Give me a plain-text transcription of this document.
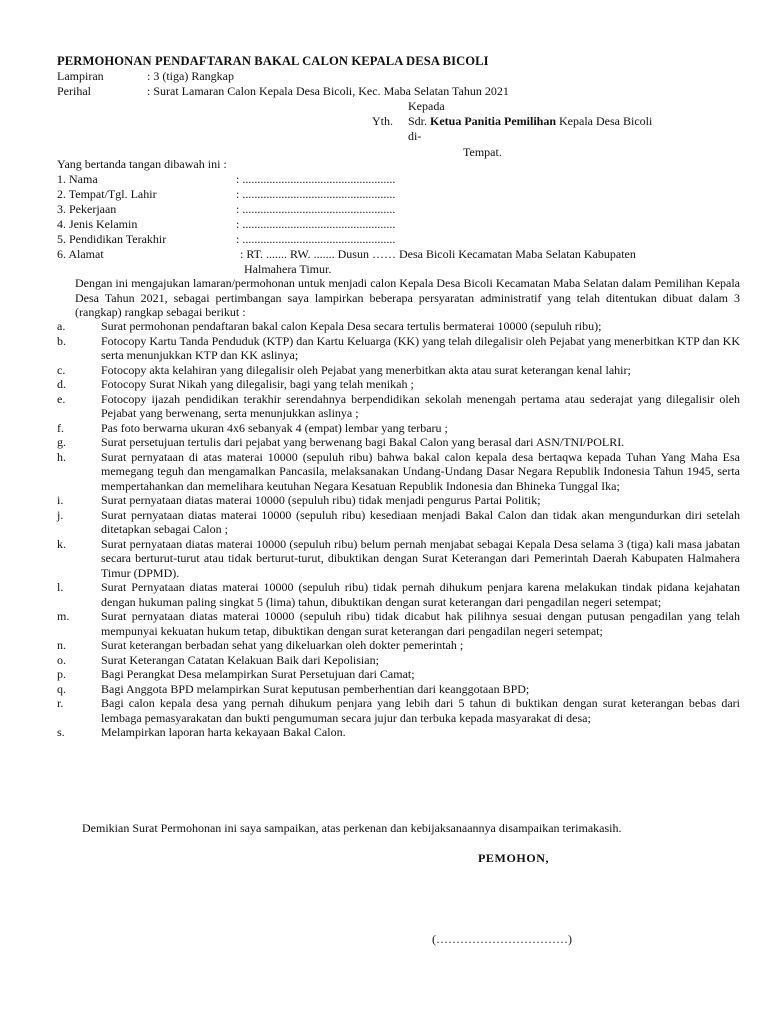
PERMOHONAN PENDAFTARAN BAKAL CALON KEPALA DESA BICOLI
Lampiran	: 3 (tiga) Rangkap
Perihal	: Surat Lamaran Calon Kepala Desa Bicoli, Kec. Maba Selatan Tahun 2021
Kepada
Yth. Sdr. Ketua Panitia Pemilihan Kepala Desa Bicoli
di-
Tempat.
Yang bertanda tangan dibawah ini :
1. Nama	: ...................................................
2. Tempat/Tgl. Lahir	: ...................................................
3. Pekerjaan	: ...................................................
4. Jenis Kelamin	: ...................................................
5. Pendidikan Terakhir	: ...................................................
6. Alamat	: RT. ....... RW. ....... Dusun …… Desa Bicoli Kecamatan Maba Selatan Kabupaten
Halmahera Timur.
Dengan ini mengajukan lamaran/permohonan untuk menjadi calon Kepala Desa Bicoli Kecamatan Maba Selatan dalam Pemilihan Kepala Desa Tahun 2021, sebagai pertimbangan saya lampirkan beberapa persyaratan administratif yang telah ditentukan dibuat dalam 3 (rangkap) rangkap sebagai berikut :
a.	Surat permohonan pendaftaran bakal calon Kepala Desa secara tertulis bermaterai 10000 (sepuluh ribu);
b.	Fotocopy Kartu Tanda Penduduk (KTP) dan Kartu Keluarga (KK) yang telah dilegalisir oleh Pejabat yang menerbitkan KTP dan KK serta menunjukkan KTP dan KK aslinya;
c.	Fotocopy akta kelahiran yang dilegalisir oleh Pejabat yang menerbitkan akta atau surat keterangan kenal lahir;
d.	Fotocopy Surat Nikah yang dilegalisir, bagi yang telah menikah ;
e.	Fotocopy ijazah pendidikan terakhir serendahnya berpendidikan sekolah menengah pertama atau sederajat yang dilegalisir oleh Pejabat yang berwenang, serta menunjukkan aslinya ;
f.	Pas foto berwarna ukuran 4x6 sebanyak 4 (empat) lembar yang terbaru ;
g.	Surat persetujuan tertulis dari pejabat yang berwenang bagi Bakal Calon yang berasal dari ASN/TNI/POLRI.
h.	Surat pernyataan di atas materai 10000 (sepuluh ribu) bahwa bakal calon kepala desa bertaqwa kepada Tuhan Yang Maha Esa memegang teguh dan mengamalkan Pancasila, melaksanakan Undang-Undang Dasar Negara Republik Indonesia Tahun 1945, serta mempertahankan dan memelihara keutuhan Negara Kesatuan Republik Indonesia dan Bhineka Tunggal Ika;
i.	Surat pernyataan diatas materai 10000 (sepuluh ribu) tidak menjadi pengurus Partai Politik;
j.	Surat pernyataan diatas materai 10000 (sepuluh ribu) kesediaan menjadi Bakal Calon dan tidak akan mengundurkan diri setelah ditetapkan sebagai Calon ;
k.	Surat pernyataan diatas materai 10000 (sepuluh ribu) belum pernah menjabat sebagai Kepala Desa selama 3 (tiga) kali masa jabatan secara berturut-turut atau tidak berturut-turut, dibuktikan dengan Surat Keterangan dari Pemerintah Daerah Kabupaten Halmahera Timur (DPMD).
l.	Surat Pernyataan diatas materai 10000 (sepuluh ribu) tidak pernah dihukum penjara karena melakukan tindak pidana kejahatan dengan hukuman paling singkat 5 (lima) tahun, dibuktikan dengan surat keterangan dari pengadilan negeri setempat;
m.	Surat pernyataan diatas materai 10000 (sepuluh ribu) tidak dicabut hak pilihnya sesuai dengan putusan pengadilan yang telah mempunyai kekuatan hukum tetap, dibuktikan dengan surat keterangan dari pengadilan negeri setempat;
n.	Surat keterangan berbadan sehat yang dikeluarkan oleh dokter pemerintah ;
o.	Surat Keterangan Catatan Kelakuan Baik dari Kepolisian;
p.	Bagi Perangkat Desa melampirkan Surat Persetujuan dari Camat;
q.	Bagi Anggota BPD melampirkan Surat keputusan pemberhentian dari keanggotaan BPD;
r.	Bagi calon kepala desa yang pernah dihukum penjara yang lebih dari 5 tahun di buktikan dengan surat keterangan bebas dari lembaga pemasyarakatan dan bukti pengumuman secara jujur dan terbuka kepada masyarakat di desa;
s.	Melampirkan laporan harta kekayaan Bakal Calon.
Demikian Surat Permohonan ini saya sampaikan, atas perkenan dan kebijaksanaannya disampaikan terimakasih.
PEMOHON,
(……………………………)
